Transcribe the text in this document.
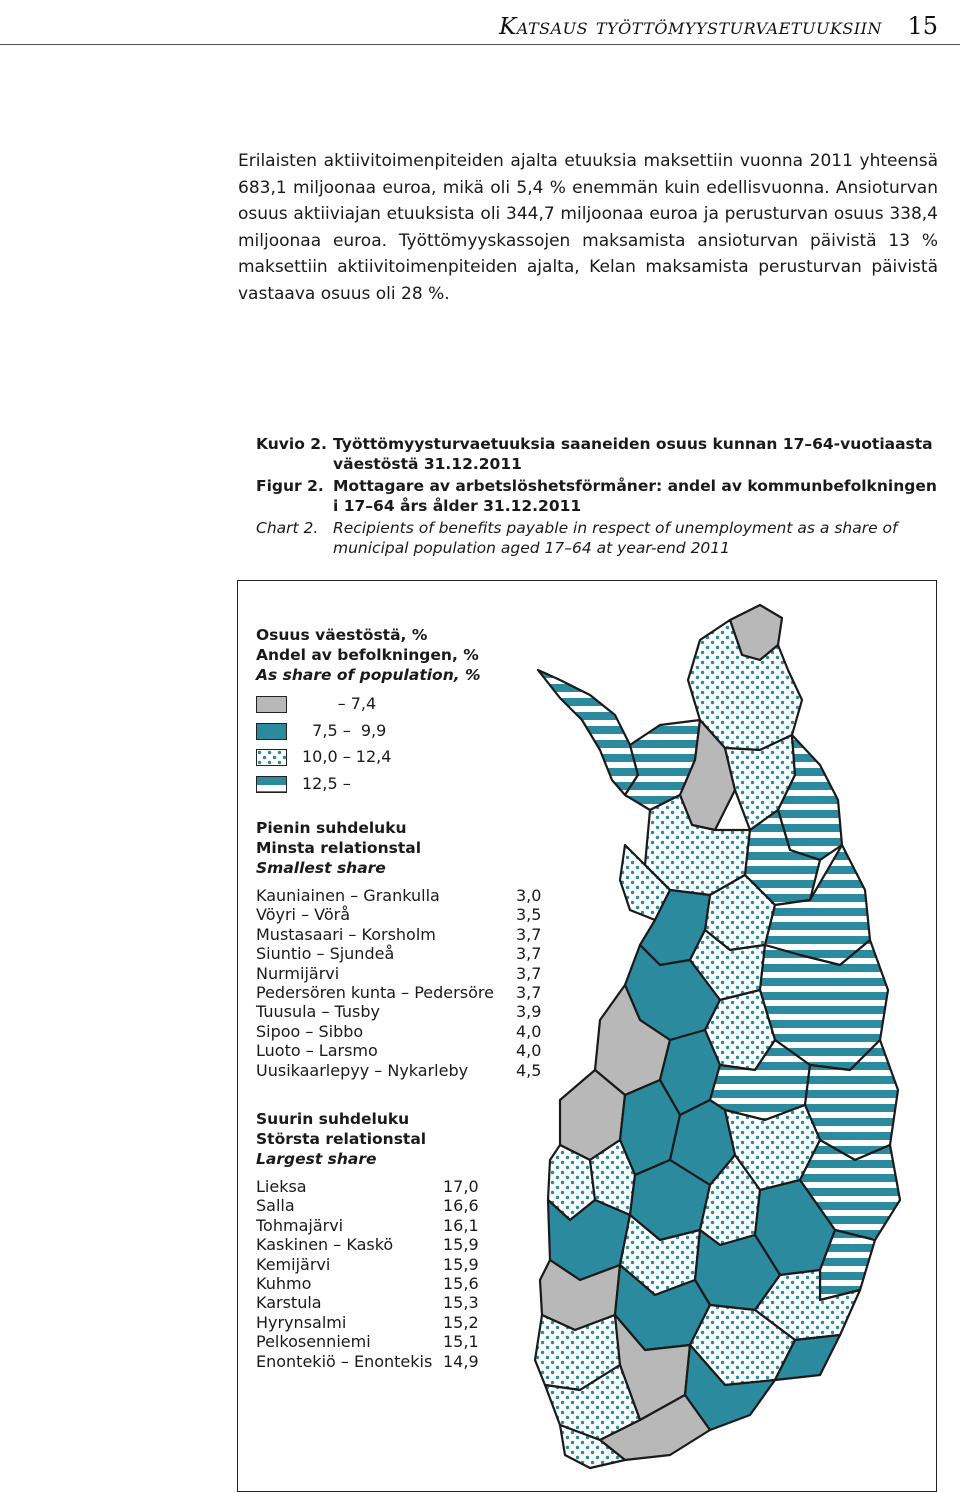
Katsaus työttömyysturvaetuuksiin 15

Erilaisten aktiivitoimenpiteiden ajalta etuuksia maksettiin vuonna 2011 yhteensä 683,1 miljoonaa euroa, mikä oli 5,4 % enemmän kuin edellisvuonna. Ansioturvan osuus aktiiviajan etuuksista oli 344,7 miljoonaa euroa ja perusturvan osuus 338,4 miljoonaa euroa. Työttömyyskassojen maksamista ansioturvan päivistä 13 % maksettiin aktiivitoimenpiteiden ajalta, Kelan maksamista perusturvan päivistä vastaava osuus oli 28 %.

Kuvio 2. Työttömyysturvaetuuksia saaneiden osuus kunnan 17–64-vuotiaasta väestöstä 31.12.2011
Figur 2. Mottagare av arbetslöshetsförmåner: andel av kommunbefolkningen i 17–64 års ålder 31.12.2011
Chart 2. Recipients of benefits payable in respect of unemployment as a share of municipal population aged 17–64 at year-end 2011
Osuus väestöstä, %
Andel av befolkningen, %
As share of population, %
– 7,4
7,5 –  9,9
10,0 – 12,4
12,5 –
Pienin suhdeluku
Minsta relationstal
Smallest share
Kauniainen – Grankulla	3,0
Vöyri – Vörå	3,5
Mustasaari – Korsholm	3,7
Siuntio – Sjundeå	3,7
Nurmijärvi	3,7
Pedersören kunta – Pedersöre 3,7
Tuusula – Tusby	3,9
Sipoo – Sibbo	4,0
Luoto – Larsmo	4,0
Uusikaarlepyy – Nykarleby	4,5
Suurin suhdeluku
Största relationstal
Largest share
Lieksa	17,0
Salla	16,6
Tohmajärvi	16,1
Kaskinen – Kaskö	15,9
Kemijärvi	15,9
Kuhmo	15,6
Karstula	15,3
Hyrynsalmi	15,2
Pelkosenniemi	15,1
Enontekiö – Enontekis 14,9
